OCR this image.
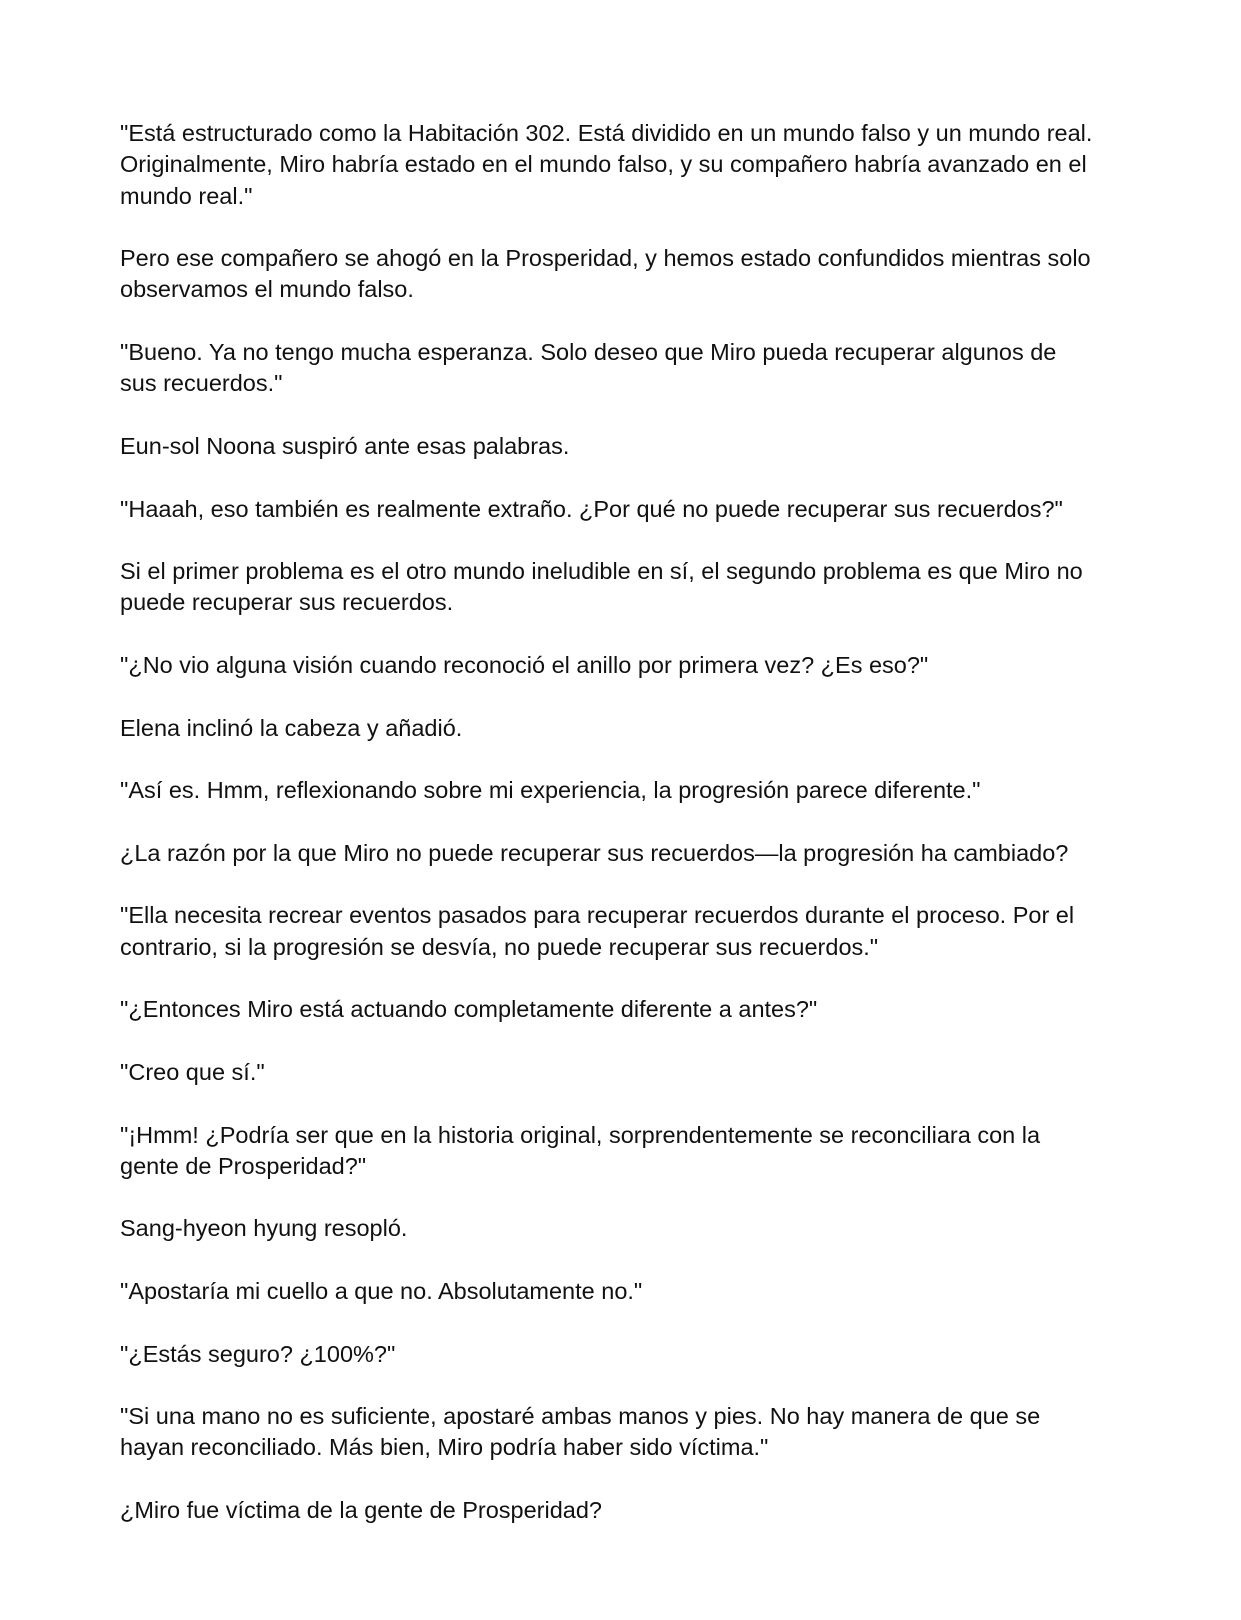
"Está estructurado como la Habitación 302. Está dividido en un mundo falso y un mundo real. Originalmente, Miro habría estado en el mundo falso, y su compañero habría avanzado en el mundo real."

Pero ese compañero se ahogó en la Prosperidad, y hemos estado confundidos mientras solo observamos el mundo falso.

"Bueno. Ya no tengo mucha esperanza. Solo deseo que Miro pueda recuperar algunos de sus recuerdos."

Eun-sol Noona suspiró ante esas palabras.

"Haaah, eso también es realmente extraño. ¿Por qué no puede recuperar sus recuerdos?"

Si el primer problema es el otro mundo ineludible en sí, el segundo problema es que Miro no puede recuperar sus recuerdos.

"¿No vio alguna visión cuando reconoció el anillo por primera vez? ¿Es eso?"

Elena inclinó la cabeza y añadió.

"Así es. Hmm, reflexionando sobre mi experiencia, la progresión parece diferente."

¿La razón por la que Miro no puede recuperar sus recuerdos—la progresión ha cambiado?

"Ella necesita recrear eventos pasados para recuperar recuerdos durante el proceso. Por el contrario, si la progresión se desvía, no puede recuperar sus recuerdos."

"¿Entonces Miro está actuando completamente diferente a antes?"

"Creo que sí."

"¡Hmm! ¿Podría ser que en la historia original, sorprendentemente se reconciliara con la gente de Prosperidad?"

Sang-hyeon hyung resopló.

"Apostaría mi cuello a que no. Absolutamente no."

"¿Estás seguro? ¿100%?"

"Si una mano no es suficiente, apostaré ambas manos y pies. No hay manera de que se hayan reconciliado. Más bien, Miro podría haber sido víctima."

¿Miro fue víctima de la gente de Prosperidad?
